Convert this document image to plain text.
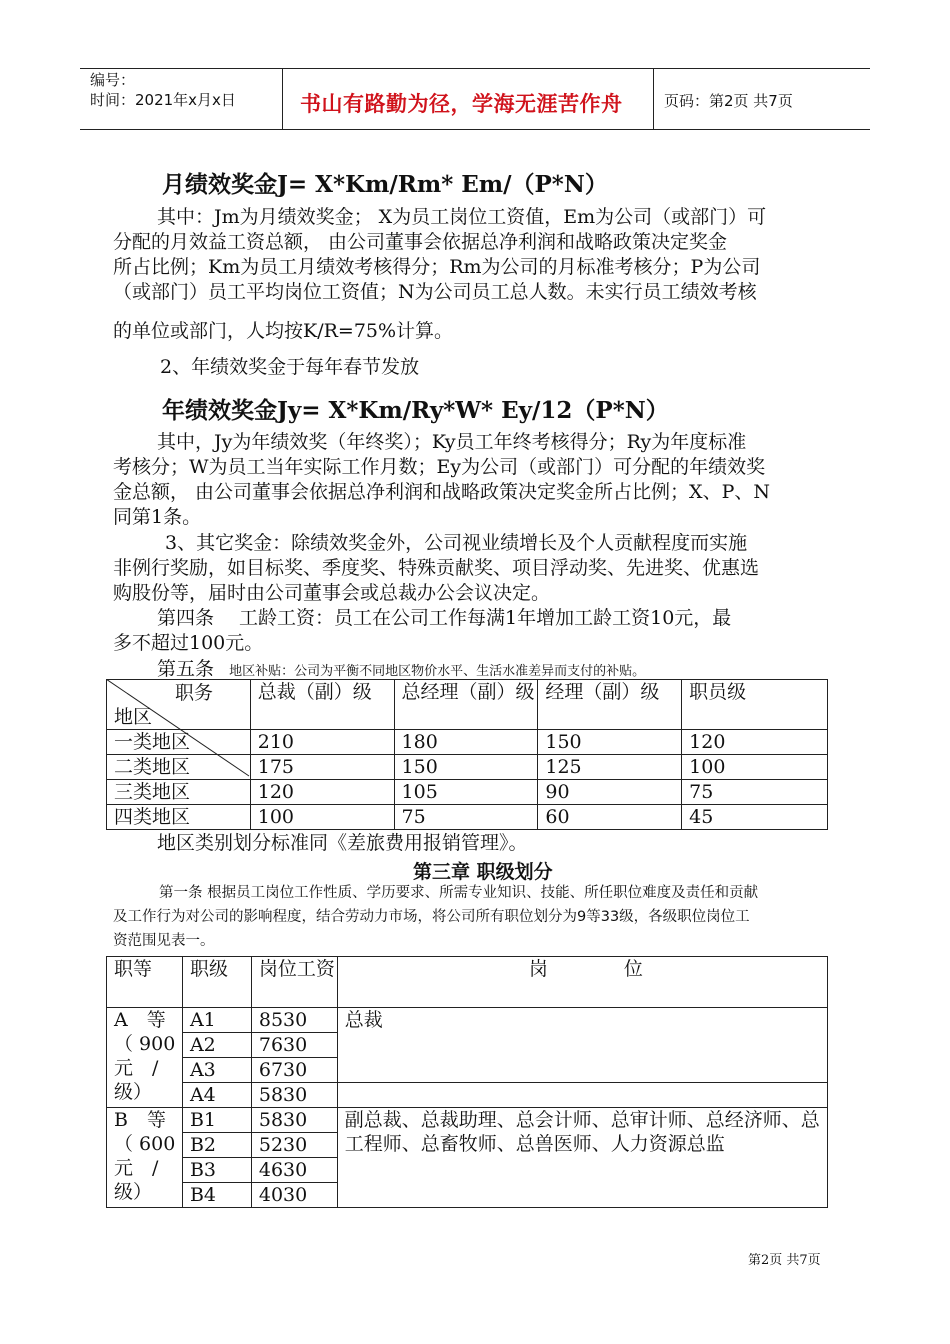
编号：
时间：2021年x月x日	书山有路勤为径，学海无涯苦作舟	页码：第2页 共7页
月绩效奖金J= X*Km/Rm* Em/（P*N）
其中：Jm为月绩效奖金； X为员工岗位工资值，Em为公司（或部门）可
分配的月效益工资总额， 由公司董事会依据总净利润和战略政策决定奖金
所占比例；Km为员工月绩效考核得分；Rm为公司的月标准考核分；P为公司
（或部门）员工平均岗位工资值；N为公司员工总人数。未实行员工绩效考核
的单位或部门，人均按K/R=75%计算。
2、年绩效奖金于每年春节发放
年绩效奖金Jy= X*Km/Ry*W* Ey/12（P*N）
其中，Jy为年绩效奖（年终奖）；Ky员工年终考核得分；Ry为年度标准
考核分；W为员工当年实际工作月数；Ey为公司（或部门）可分配的年绩效奖
金总额， 由公司董事会依据总净利润和战略政策决定奖金所占比例；X、P、N
同第1条。
3、其它奖金：除绩效奖金外，公司视业绩增长及个人贡献程度而实施
非例行奖励，如目标奖、季度奖、特殊贡献奖、项目浮动奖、先进奖、优惠选
购股份等，届时由公司董事会或总裁办公会议决定。
第四条　 工龄工资：员工在公司工作每满1年增加工龄工资10元，最
多不超过100元。
第五条 地区补贴：公司为平衡不同地区物价水平、生活水准差异而支付的补贴。
职务
地区	总裁（副）级	总经理（副）级	经理（副）级	职员级
一类地区	210	180	150	120
二类地区	175	150	125	100
三类地区	120	105	90	75
四类地区	100	75	60	45
地区类别划分标准同《差旅费用报销管理》。
第三章 职级划分
第一条 根据员工岗位工作性质、学历要求、所需专业知识、技能、所任职位难度及责任和贡献
及工作行为对公司的影响程度，结合劳动力市场，将公司所有职位划分为9等33级，各级职位岗位工
资范围见表一。
职等	职级	岗位工资	岗　　　　位

A　等
（ 900
元　/
级）	A1	8530	总裁
	A2	7630	
	A3	6730	
	A4	5830	

B　等
（ 600
元　/
级）	B1	5830	副总裁、总裁助理、总会计师、总审计师、总经济师、总工程师、总畜牧师、总兽医师、人力资源总监
	B2	5230	
	B3	4630	
	B4	4030	
第2页 共7页
